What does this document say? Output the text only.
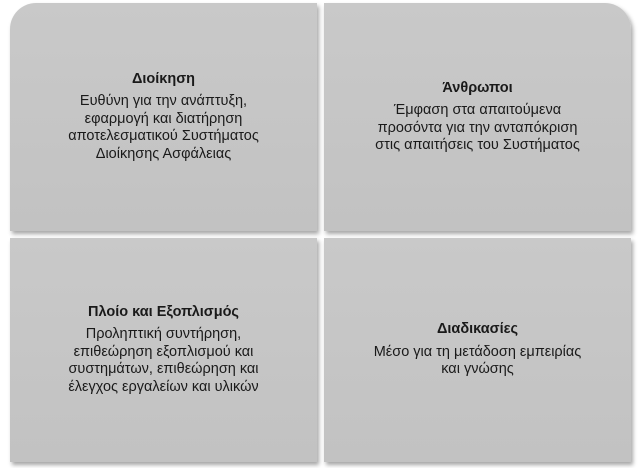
Διοίκηση
Ευθύνη για την ανάπτυξη,
εφαρμογή και διατήρηση
αποτελεσματικού Συστήματος
Διοίκησης Ασφάλειας
Άνθρωποι
Έμφαση στα απαιτούμενα
προσόντα για την ανταπόκριση
στις απαιτήσεις του Συστήματος
Πλοίο και Εξοπλισμός
Προληπτική συντήρηση,
επιθεώρηση εξοπλισμού και
συστημάτων, επιθεώρηση και
έλεγχος εργαλείων και υλικών
Διαδικασίες
Μέσο για τη μετάδοση εμπειρίας
και γνώσης
